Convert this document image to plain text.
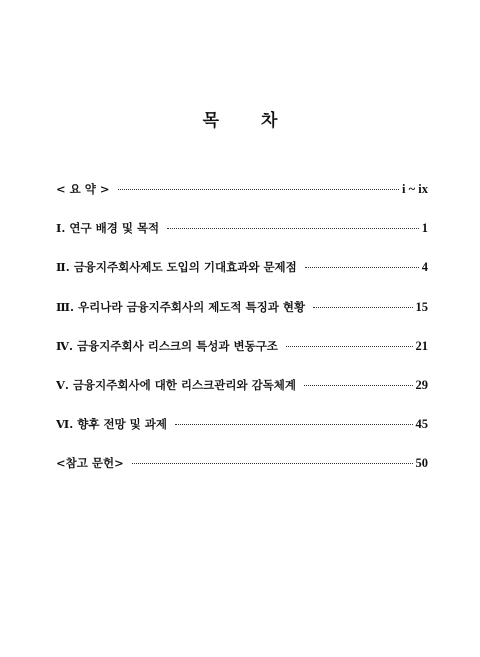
목 차
< 요 약 >	i ~ ix
Ⅰ. 연구 배경 및 목적	1
Ⅱ. 금융지주회사제도 도입의 기대효과와 문제점	4
Ⅲ. 우리나라 금융지주회사의 제도적 특징과 현황	15
Ⅳ. 금융지주회사 리스크의 특성과 변동구조	21
Ⅴ. 금융지주회사에 대한 리스크관리와 감독체계	29
Ⅵ. 향후 전망 및 과제	45
<참고 문헌>	50
